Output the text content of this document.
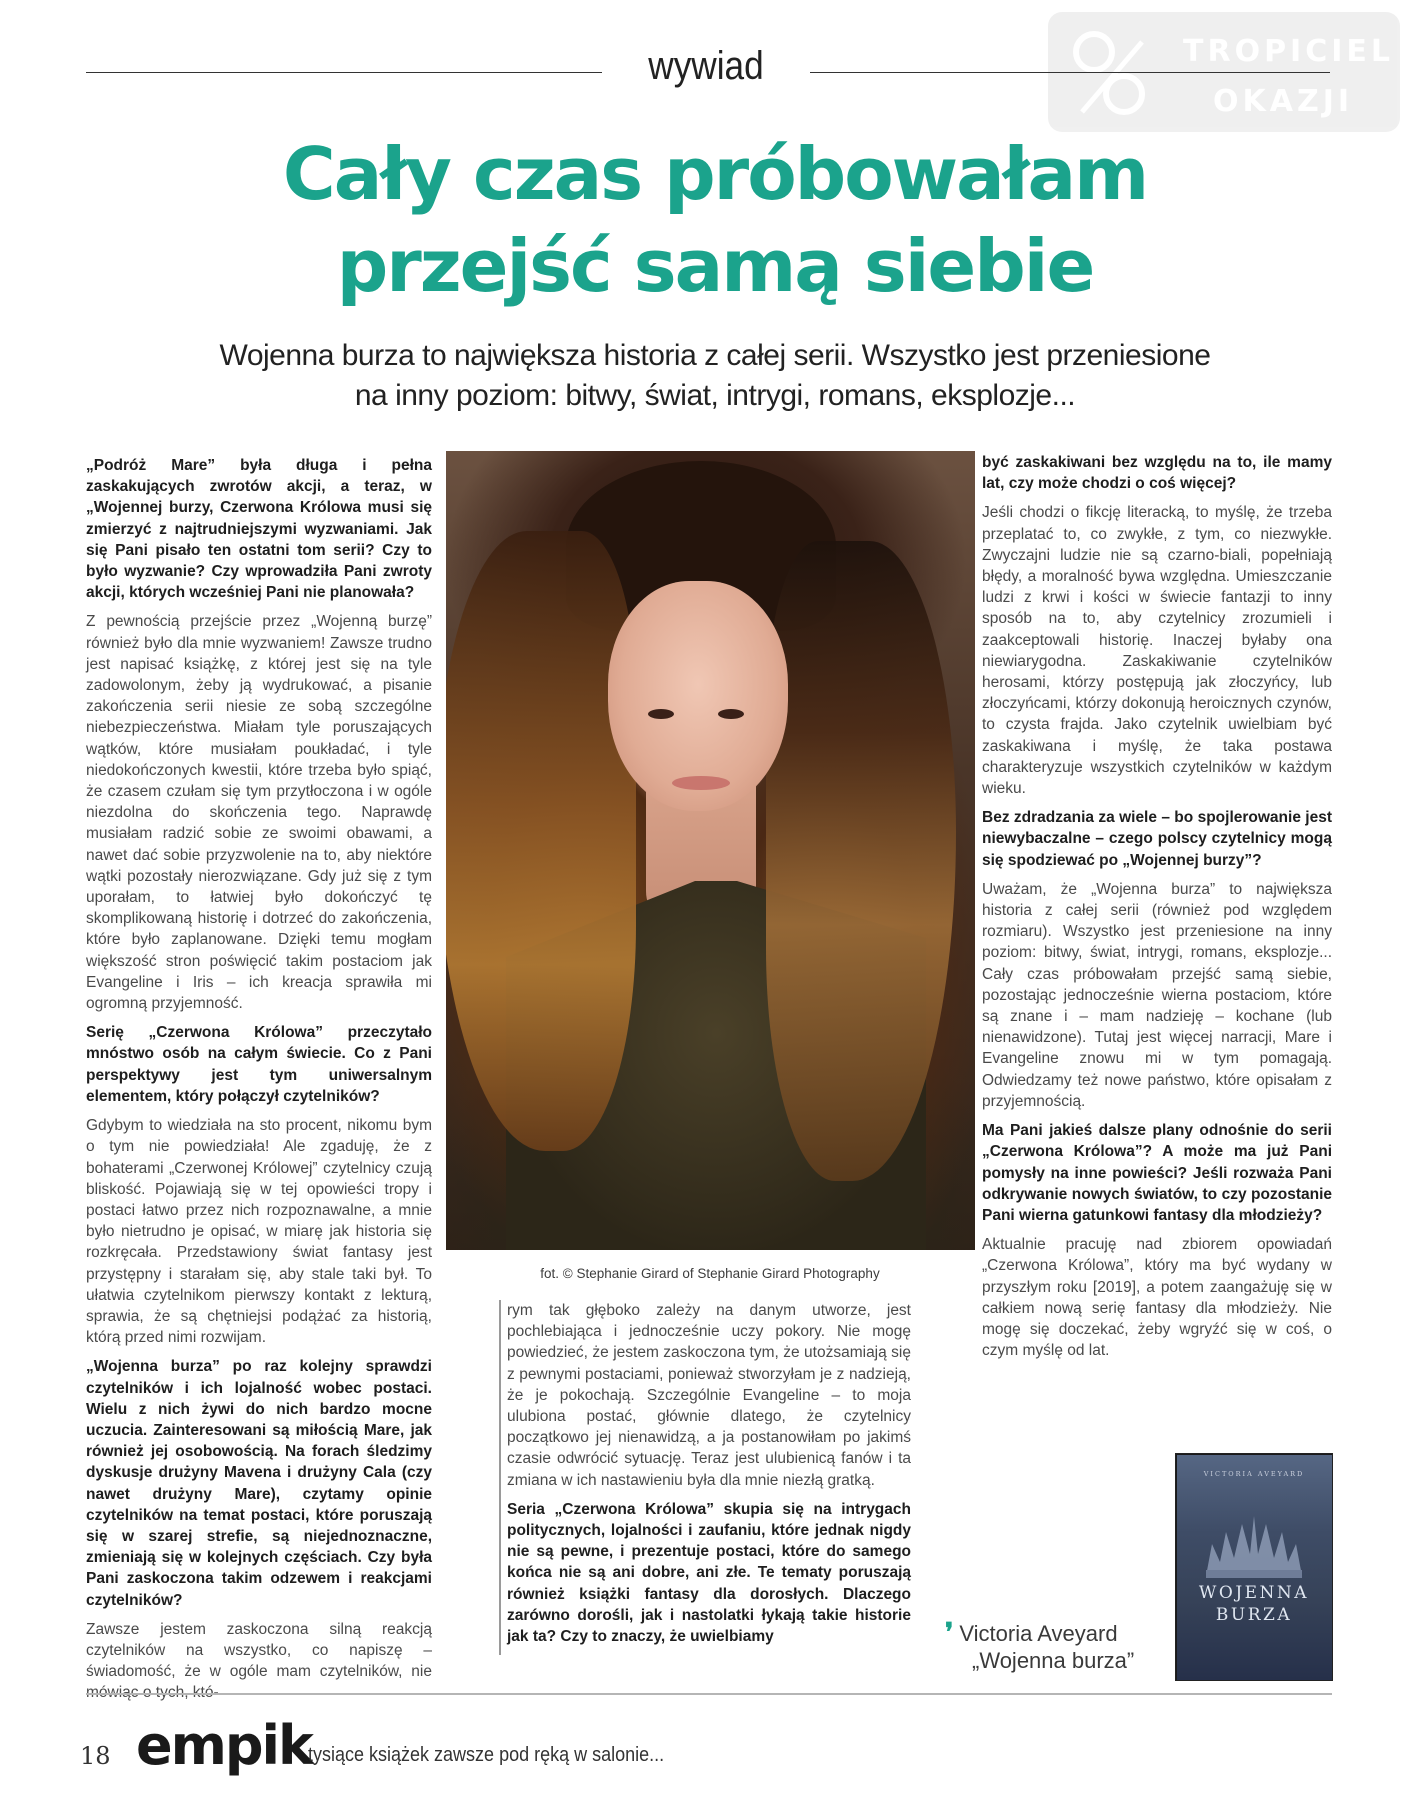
TROPICIEL
OKAZJI
wywiad
Cały czas próbowałam
przejść samą siebie
Wojenna burza to największa historia z całej serii. Wszystko jest przeniesione
na inny poziom: bitwy, świat, intrygi, romans, eksplozje...

„Podróż Mare” była długa i pełna zaskakujących zwrotów akcji, a teraz, w „Wojennej burzy, Czerwona Królowa musi się zmierzyć z najtrudniejszymi wyzwaniami. Jak się Pani pisało ten ostatni tom serii? Czy to było wyzwanie? Czy wprowadziła Pani zwroty akcji, których wcześniej Pani nie planowała?

Z pewnością przejście przez „Wojenną burzę” również było dla mnie wyzwaniem! Zawsze trudno jest napisać książkę, z której jest się na tyle zadowolonym, żeby ją wydrukować, a pisanie zakończenia serii niesie ze sobą szczególne niebezpieczeństwa. Miałam tyle poruszających wątków, które musiałam poukładać, i tyle niedokończonych kwestii, które trzeba było spiąć, że czasem czułam się tym przytłoczona i w ogóle niezdolna do skończenia tego. Naprawdę musiałam radzić sobie ze swoimi obawami, a nawet dać sobie przyzwolenie na to, aby niektóre wątki pozostały nierozwiązane. Gdy już się z tym uporałam, to łatwiej było dokończyć tę skomplikowaną historię i dotrzeć do zakończenia, które było zaplanowane. Dzięki temu mogłam większość stron poświęcić takim postaciom jak Evangeline i Iris – ich kreacja sprawiła mi ogromną przyjemność.

Serię „Czerwona Królowa” przeczytało mnóstwo osób na całym świecie. Co z Pani perspektywy jest tym uniwersalnym elementem, który połączył czytelników?

Gdybym to wiedziała na sto procent, nikomu bym o tym nie powiedziała! Ale zgaduję, że z bohaterami „Czerwonej Królowej” czytelnicy czują bliskość. Pojawiają się w tej opowieści tropy i postaci łatwo przez nich rozpoznawalne, a mnie było nietrudno je opisać, w miarę jak historia się rozkręcała. Przedstawiony świat fantasy jest przystępny i starałam się, aby stale taki był. To ułatwia czytelnikom pierwszy kontakt z lekturą, sprawia, że są chętniejsi podążać za historią, którą przed nimi rozwijam.

„Wojenna burza” po raz kolejny sprawdzi czytelników i ich lojalność wobec postaci. Wielu z nich żywi do nich bardzo mocne uczucia. Zainteresowani są miłością Mare, jak również jej osobowością. Na forach śledzimy dyskusje drużyny Mavena i drużyny Cala (czy nawet drużyny Mare), czytamy opinie czytelników na temat postaci, które poruszają się w szarej strefie, są niejednoznaczne, zmieniają się w kolejnych częściach. Czy była Pani zaskoczona takim odzewem i reakcjami czytelników?

Zawsze jestem zaskoczona silną reakcją czytelników na wszystko, co napiszę –świadomość, że w ogóle mam czytelników, nie mówiąc o tych, któ-

fot. © Stephanie Girard of Stephanie Girard Photography

rym tak głęboko zależy na danym utworze, jest pochlebiająca i jednocześnie uczy pokory. Nie mogę powiedzieć, że jestem zaskoczona tym, że utożsamiają się z pewnymi postaciami, ponieważ stworzyłam je z nadzieją, że je pokochają. Szczególnie Evangeline – to moja ulubiona postać, głównie dlatego, że czytelnicy początkowo jej nienawidzą, a ja postanowiłam po jakimś czasie odwrócić sytuację. Teraz jest ulubienicą fanów i ta zmiana w ich nastawieniu była dla mnie niezłą gratką.

Seria „Czerwona Królowa” skupia się na intrygach politycznych, lojalności i zaufaniu, które jednak nigdy nie są pewne, i prezentuje postaci, które do samego końca nie są ani dobre, ani złe. Te tematy poruszają również książki fantasy dla dorosłych. Dlaczego zarówno dorośli, jak i nastolatki łykają takie historie jak ta? Czy to znaczy, że uwielbiamy

być zaskakiwani bez względu na to, ile mamy lat, czy może chodzi o coś więcej?

Jeśli chodzi o fikcję literacką, to myślę, że trzeba przeplatać to, co zwykłe, z tym, co niezwykłe. Zwyczajni ludzie nie są czarno-biali, popełniają błędy, a moralność bywa względna. Umieszczanie ludzi z krwi i kości w świecie fantazji to inny sposób na to, aby czytelnicy zrozumieli i zaakceptowali historię. Inaczej byłaby ona niewiarygodna. Zaskakiwanie czytelników herosami, którzy postępują jak złoczyńcy, lub złoczyńcami, którzy dokonują heroicznych czynów, to czysta frajda. Jako czytelnik uwielbiam być zaskakiwana i myślę, że taka postawa charakteryzuje wszystkich czytelników w każdym wieku.

Bez zdradzania za wiele – bo spojlerowanie jest niewybaczalne – czego polscy czytelnicy mogą się spodziewać po „Wojennej burzy”?

Uważam, że „Wojenna burza” to największa historia z całej serii (również pod względem rozmiaru). Wszystko jest przeniesione na inny poziom: bitwy, świat, intrygi, romans, eksplozje... Cały czas próbowałam przejść samą siebie, pozostając jednocześnie wierna postaciom, które są znane i – mam nadzieję – kochane (lub nienawidzone). Tutaj jest więcej narracji, Mare i Evangeline znowu mi w tym pomagają. Odwiedzamy też nowe państwo, które opisałam z przyjemnością.

Ma Pani jakieś dalsze plany odnośnie do serii „Czerwona Królowa”? A może ma już Pani pomysły na inne powieści? Jeśli rozważa Pani odkrywanie nowych światów, to czy pozostanie Pani wierna gatunkowi fantasy dla młodzieży?

Aktualnie pracuję nad zbiorem opowiadań „Czerwona Królowa”, który ma być wydany w przyszłym roku [2019], a potem zaangażuję się w całkiem nową serię fantasy dla młodzieży. Nie mogę się doczekać, żeby wgryźć się w coś, o czym myślę od lat.

❜ Victoria Aveyard
„Wojenna burza”
VICTORIA AVEYARD
WOJENNA
BURZA
18 empik
tysiące książek zawsze pod ręką w salonie...
